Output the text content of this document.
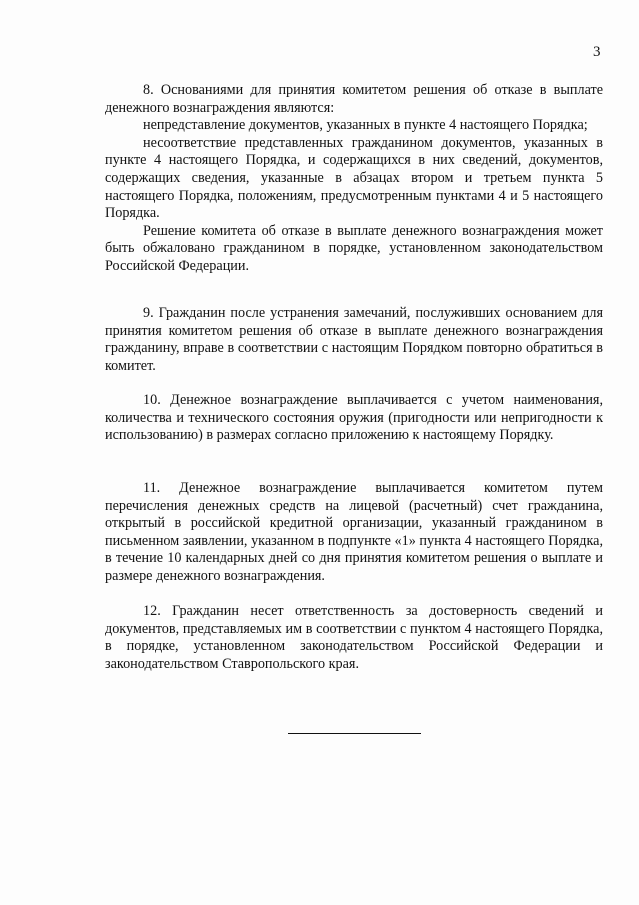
3

8. Основаниями для принятия комитетом решения об отказе в выплате денежного вознаграждения являются:

непредставление документов, указанных в пункте 4 настоящего Порядка;

несоответствие представленных гражданином документов, указанных в пункте 4 настоящего Порядка, и содержащихся в них сведений, документов, содержащих сведения, указанные в абзацах втором и третьем пункта 5 настоящего Порядка, положениям, предусмотренным пунктами 4 и 5 настоящего Порядка.

Решение комитета об отказе в выплате денежного вознаграждения может быть обжаловано гражданином в порядке, установленном законодательством Российской Федерации.

9. Гражданин после устранения замечаний, послуживших основанием для принятия комитетом решения об отказе в выплате денежного вознаграждения гражданину, вправе в соответствии с настоящим Порядком повторно обратиться в комитет.

10. Денежное вознаграждение выплачивается с учетом наименования, количества и технического состояния оружия (пригодности или непригодности к использованию) в размерах согласно приложению к настоящему Порядку.

11. Денежное вознаграждение выплачивается комитетом путем перечисления денежных средств на лицевой (расчетный) счет гражданина, открытый в российской кредитной организации, указанный гражданином в письменном заявлении, указанном в подпункте «1» пункта 4 настоящего Порядка, в течение 10 календарных дней со дня принятия комитетом решения о выплате и размере денежного вознаграждения.

12. Гражданин несет ответственность за достоверность сведений и документов, представляемых им в соответствии с пунктом 4 настоящего Порядка, в порядке, установленном законодательством Российской Федерации и законодательством Ставропольского края.
